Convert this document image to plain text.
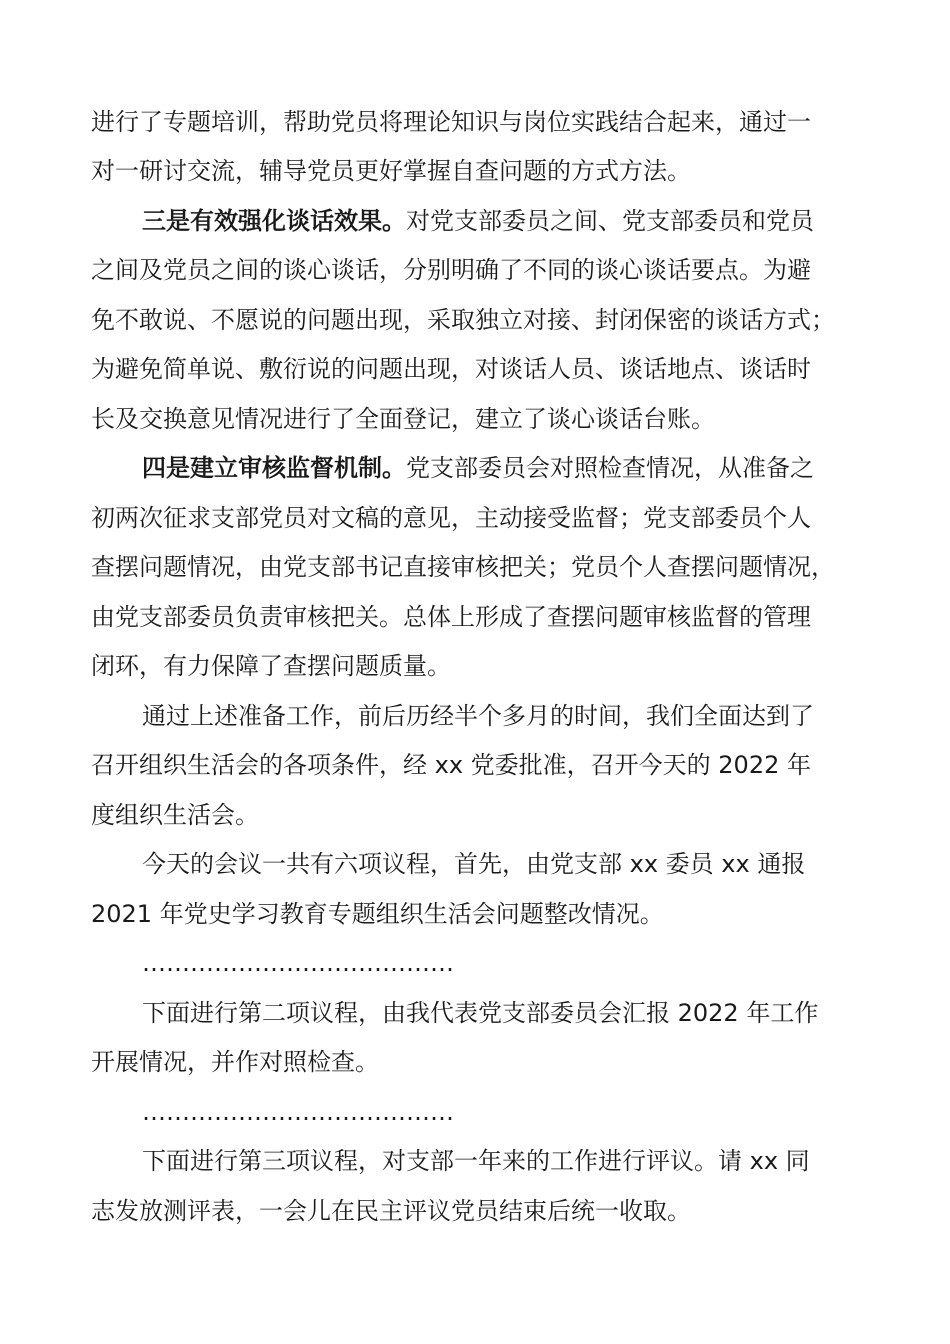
进行了专题培训，帮助党员将理论知识与岗位实践结合起来，通过一
对一研讨交流，辅导党员更好掌握自查问题的方式方法。
三是有效强化谈话效果。对党支部委员之间、党支部委员和党员
之间及党员之间的谈心谈话，分别明确了不同的谈心谈话要点。为避
免不敢说、不愿说的问题出现，采取独立对接、封闭保密的谈话方式；
为避免简单说、敷衍说的问题出现，对谈话人员、谈话地点、谈话时
长及交换意见情况进行了全面登记，建立了谈心谈话台账。
四是建立审核监督机制。党支部委员会对照检查情况，从准备之
初两次征求支部党员对文稿的意见，主动接受监督；党支部委员个人
查摆问题情况，由党支部书记直接审核把关；党员个人查摆问题情况，
由党支部委员负责审核把关。总体上形成了查摆问题审核监督的管理
闭环，有力保障了查摆问题质量。
通过上述准备工作，前后历经半个多月的时间，我们全面达到了
召开组织生活会的各项条件，经 xx 党委批准，召开今天的 2022 年
度组织生活会。
今天的会议一共有六项议程，首先，由党支部 xx 委员 xx 通报
2021 年党史学习教育专题组织生活会问题整改情况。
…………………………………
下面进行第二项议程，由我代表党支部委员会汇报 2022 年工作
开展情况，并作对照检查。
…………………………………
下面进行第三项议程，对支部一年来的工作进行评议。请 xx 同
志发放测评表，一会儿在民主评议党员结束后统一收取。
